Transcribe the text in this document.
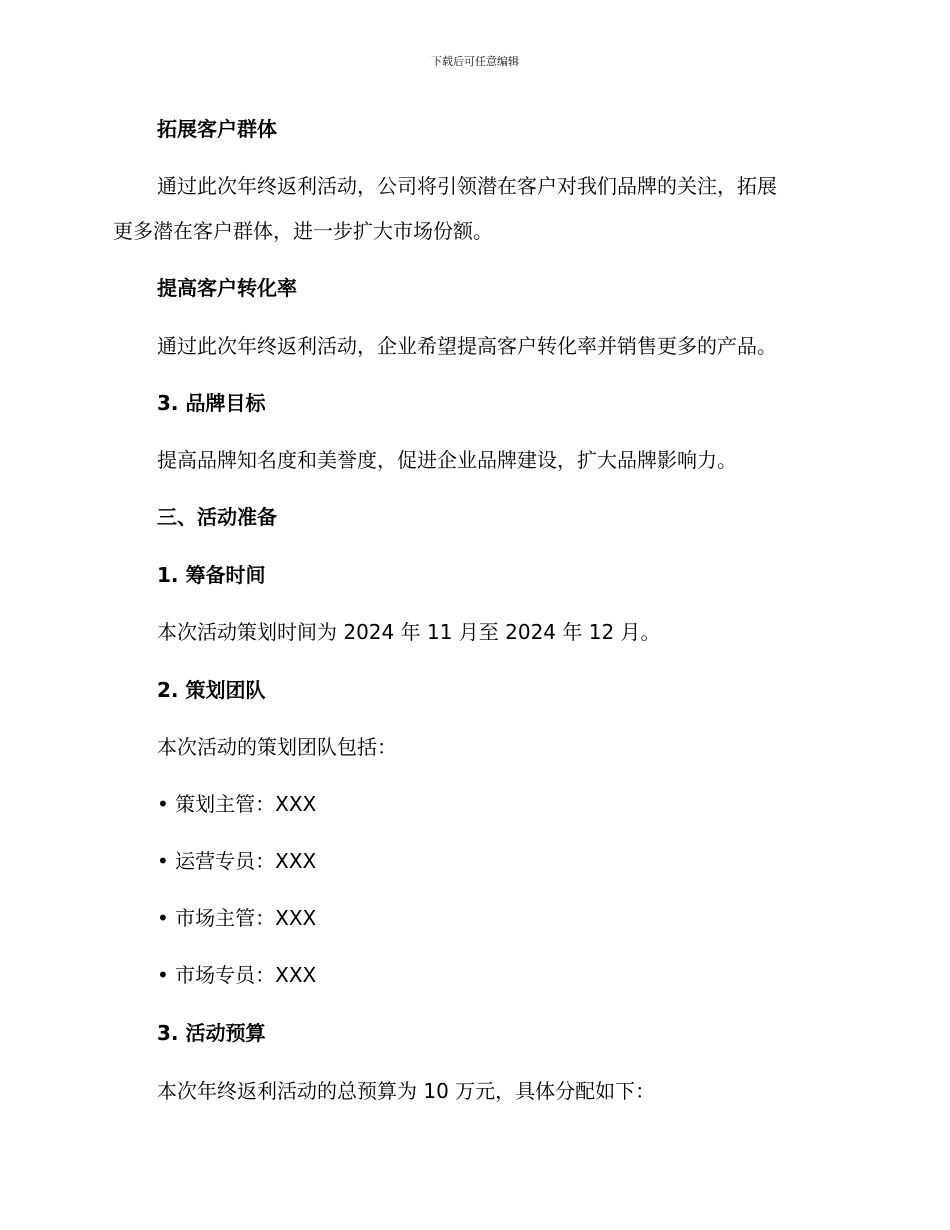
下载后可任意编辑
拓展客户群体
通过此次年终返利活动，公司将引领潜在客户对我们品牌的关注，拓展
更多潜在客户群体，进一步扩大市场份额。
提高客户转化率
通过此次年终返利活动，企业希望提高客户转化率并销售更多的产品。
3. 品牌目标
提高品牌知名度和美誉度，促进企业品牌建设，扩大品牌影响力。
三、活动准备
1. 筹备时间
本次活动策划时间为 2024 年 11 月至 2024 年 12 月。
2. 策划团队
本次活动的策划团队包括：
• 策划主管：XXX
• 运营专员：XXX
• 市场主管：XXX
• 市场专员：XXX
3. 活动预算
本次年终返利活动的总预算为 10 万元，具体分配如下：
